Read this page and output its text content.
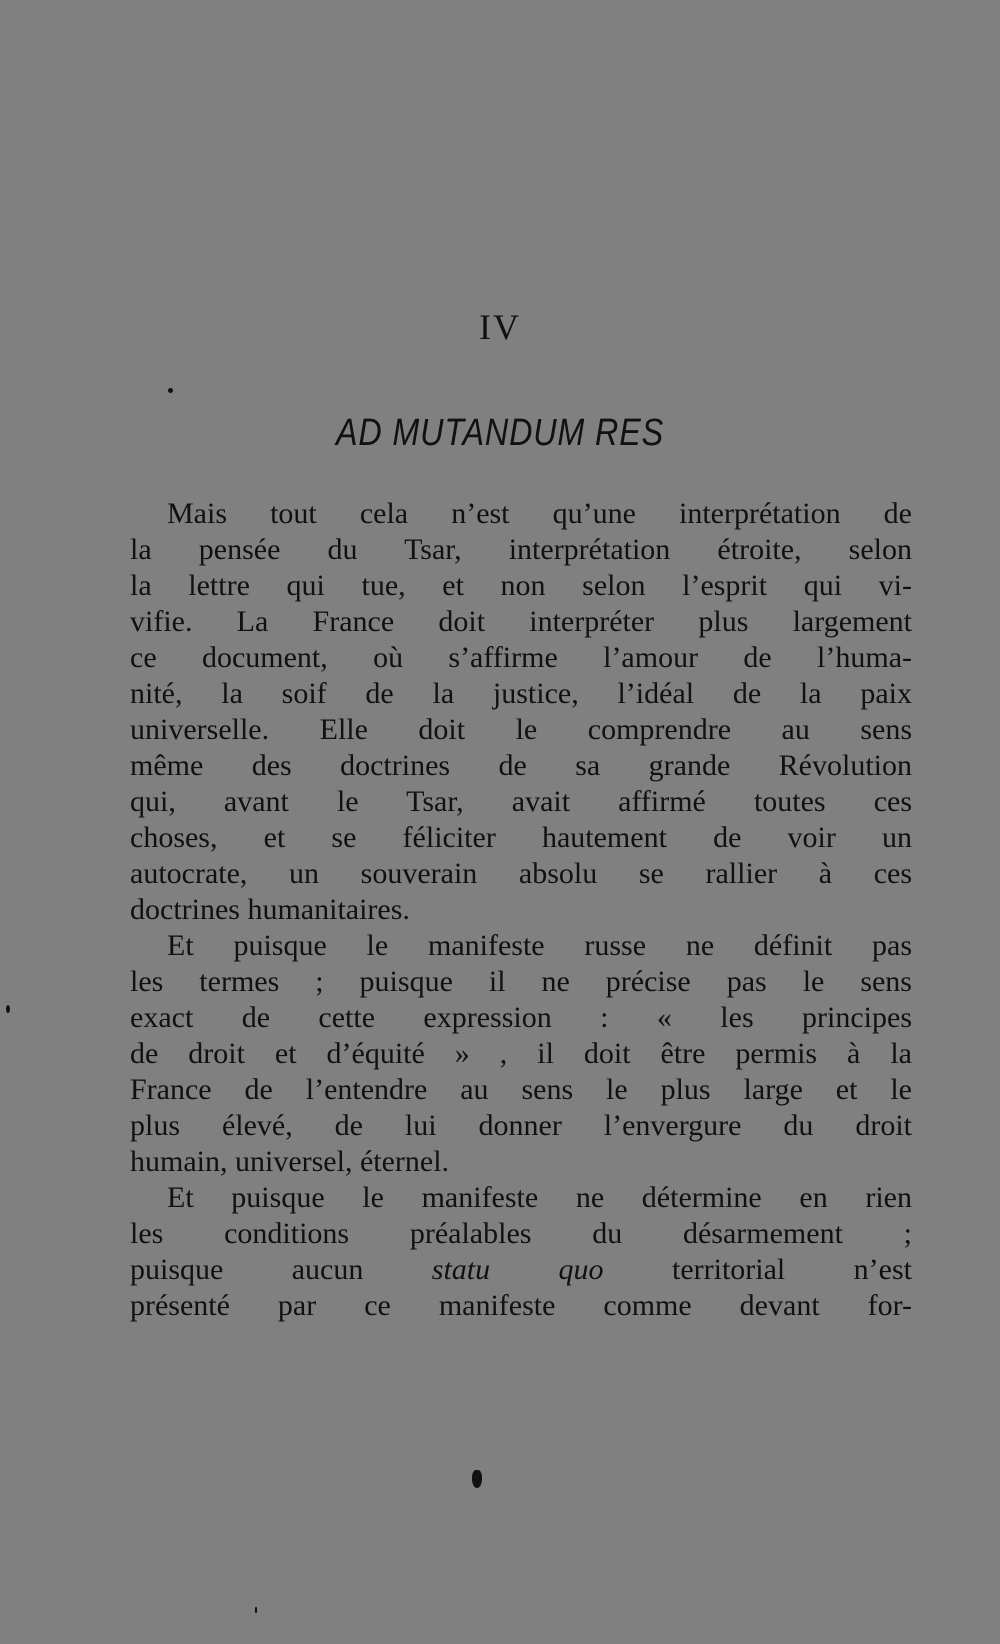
IV
AD MUTANDUM RES
Mais tout cela n’est qu’une interprétation de
la pensée du Tsar, interprétation étroite, selon
la lettre qui tue, et non selon l’esprit qui vi-
vifie. La France doit interpréter plus largement
ce document, où s’affirme l’amour de l’huma-
nité, la soif de la justice, l’idéal de la paix
universelle. Elle doit le comprendre au sens
même des doctrines de sa grande Révolution
qui, avant le Tsar, avait affirmé toutes ces
choses, et se féliciter hautement de voir un
autocrate, un souverain absolu se rallier à ces
doctrines humanitaires.
Et puisque le manifeste russe ne définit pas
les termes ; puisque il ne précise pas le sens
exact de cette expression : « les principes
de droit et d’équité » , il doit être permis à la
France de l’entendre au sens le plus large et le
plus élevé, de lui donner l’envergure du droit
humain, universel, éternel.
Et puisque le manifeste ne détermine en rien
les conditions préalables du désarmement ;
puisque aucun statu quo territorial n’est
présenté par ce manifeste comme devant for-
